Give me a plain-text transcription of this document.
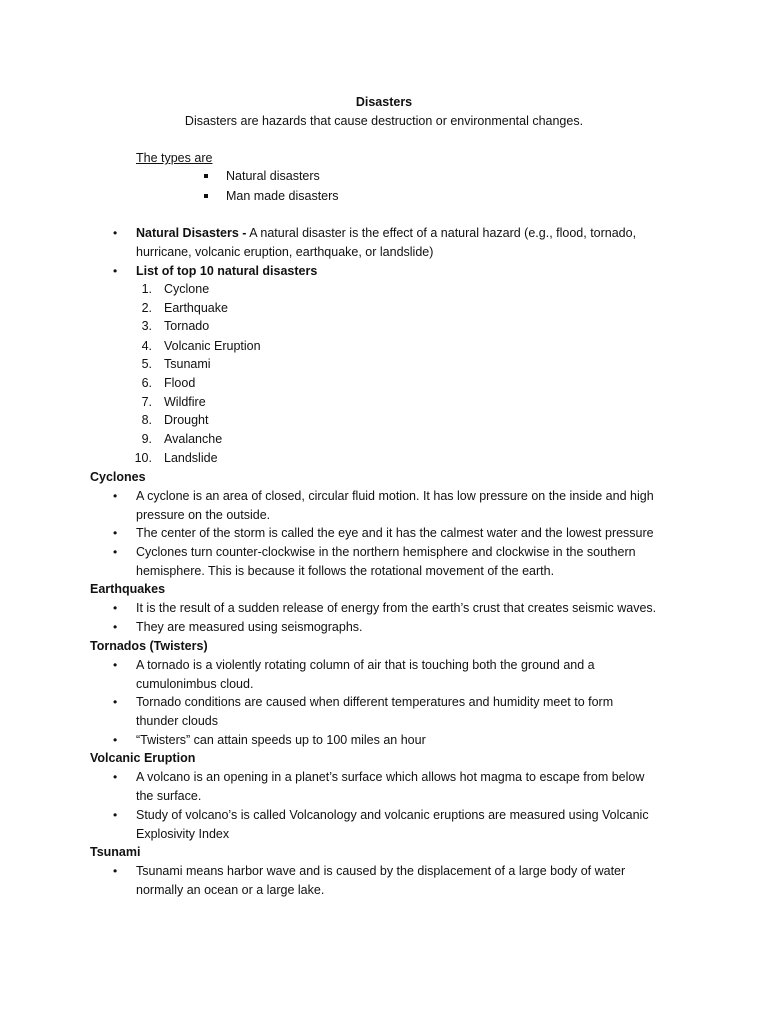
Disasters
Disasters are hazards that cause destruction or environmental changes.
The types are
Natural disasters
Man made disasters
• Natural Disasters - A natural disaster is the effect of a natural hazard (e.g., flood, tornado,
hurricane, volcanic eruption, earthquake, or landslide)
• List of top 10 natural disasters
1. Cyclone
2. Earthquake
3. Tornado
4. Volcanic Eruption
5. Tsunami
6. Flood
7. Wildfire
8. Drought
9. Avalanche
10. Landslide
Cyclones
• A cyclone is an area of closed, circular fluid motion. It has low pressure on the inside and high
pressure on the outside.
• The center of the storm is called the eye and it has the calmest water and the lowest pressure
• Cyclones turn counter-clockwise in the northern hemisphere and clockwise in the southern
hemisphere. This is because it follows the rotational movement of the earth.
Earthquakes
• It is the result of a sudden release of energy from the earth’s crust that creates seismic waves.
• They are measured using seismographs.
Tornados (Twisters)
• A tornado is a violently rotating column of air that is touching both the ground and a
cumulonimbus cloud.
• Tornado conditions are caused when different temperatures and humidity meet to form
thunder clouds
• “Twisters” can attain speeds up to 100 miles an hour
Volcanic Eruption
• A volcano is an opening in a planet’s surface which allows hot magma to escape from below
the surface.
• Study of volcano’s is called Volcanology and volcanic eruptions are measured using Volcanic
Explosivity Index
Tsunami
• Tsunami means harbor wave and is caused by the displacement of a large body of water
normally an ocean or a large lake.
